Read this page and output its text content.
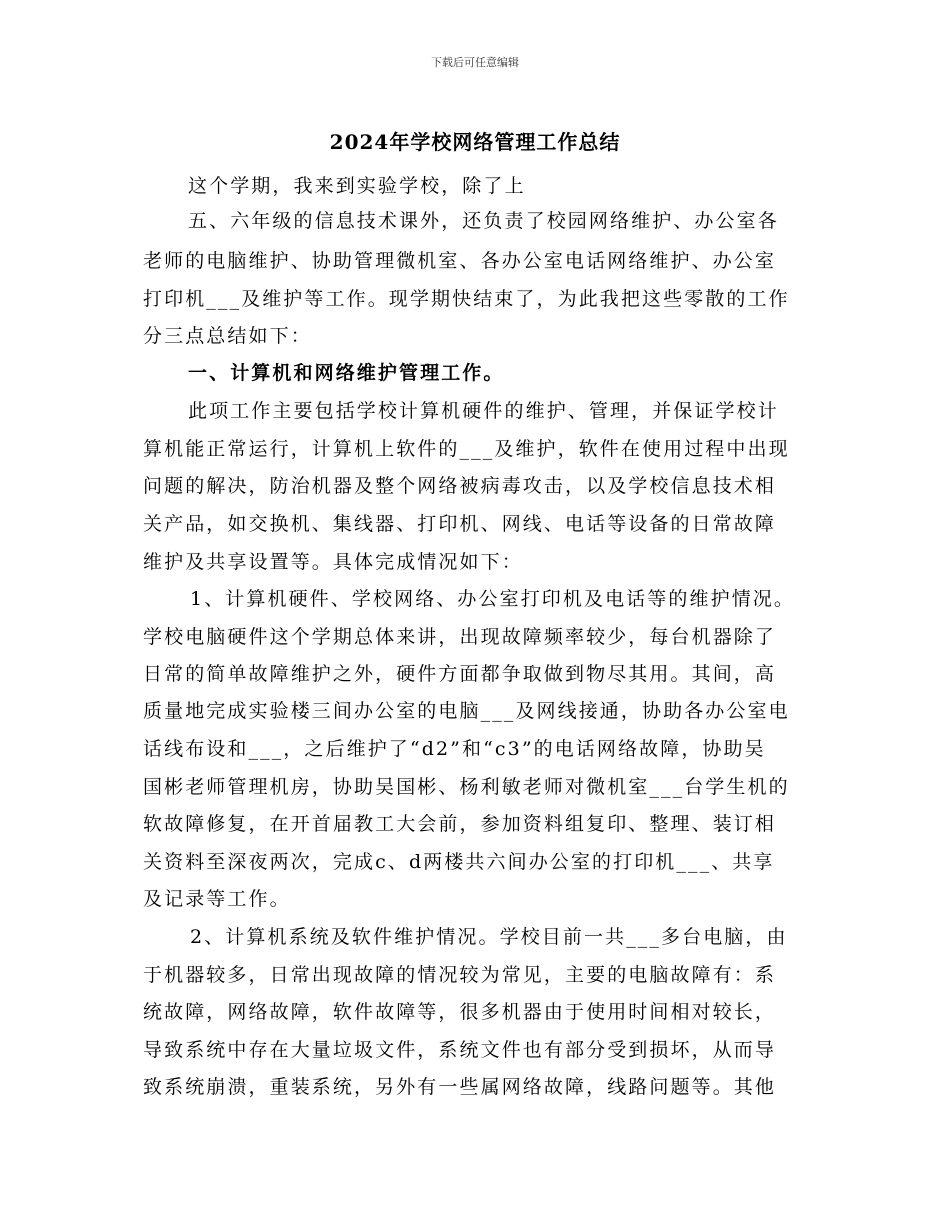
下载后可任意编辑
2024年学校网络管理工作总结
这个学期，我来到实验学校，除了上
五、六年级的信息技术课外，还负责了校园网络维护、办公室各
老师的电脑维护、协助管理微机室、各办公室电话网络维护、办公室
打印机___及维护等工作。现学期快结束了，为此我把这些零散的工作
分三点总结如下：
一、计算机和网络维护管理工作。
此项工作主要包括学校计算机硬件的维护、管理，并保证学校计
算机能正常运行，计算机上软件的___及维护，软件在使用过程中出现
问题的解决，防治机器及整个网络被病毒攻击，以及学校信息技术相
关产品，如交换机、集线器、打印机、网线、电话等设备的日常故障
维护及共享设置等。具体完成情况如下：
1、计算机硬件、学校网络、办公室打印机及电话等的维护情况。
学校电脑硬件这个学期总体来讲，出现故障频率较少，每台机器除了
日常的简单故障维护之外，硬件方面都争取做到物尽其用。其间，高
质量地完成实验楼三间办公室的电脑___及网线接通，协助各办公室电
话线布设和___，之后维护了“d2”和“c3”的电话网络故障，协助吴
国彬老师管理机房，协助吴国彬、杨利敏老师对微机室___台学生机的
软故障修复，在开首届教工大会前，参加资料组复印、整理、装订相
关资料至深夜两次，完成c、d两楼共六间办公室的打印机___、共享
及记录等工作。
2、计算机系统及软件维护情况。学校目前一共___多台电脑，由
于机器较多，日常出现故障的情况较为常见，主要的电脑故障有：系
统故障，网络故障，软件故障等，很多机器由于使用时间相对较长，
导致系统中存在大量垃圾文件，系统文件也有部分受到损坏，从而导
致系统崩溃，重装系统，另外有一些属网络故障，线路问题等。其他
